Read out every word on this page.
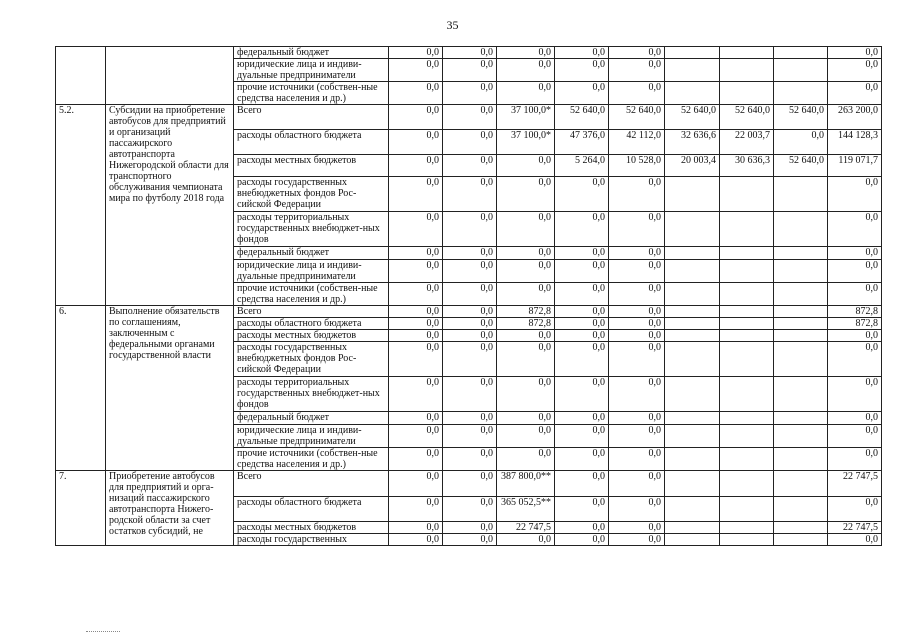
35
		федеральный бюджет	0,0	0,0	0,0	0,0	0,0				0,0
		юридические лица и индиви-дуальные предприниматели	0,0	0,0	0,0	0,0	0,0				0,0
		прочие источники (собствен-ные средства населения и др.)	0,0	0,0	0,0	0,0	0,0				0,0
5.2.	Субсидии на приобретение автобусов для предприятий и организаций пассажирского автотранспорта Нижегородской области для транспортного обслуживания чемпионата мира по футболу 2018 года	Всего	0,0	0,0	37 100,0*	52 640,0	52 640,0	52 640,0	52 640,0	52 640,0	263 200,0
		расходы областного бюджета	0,0	0,0	37 100,0*	47 376,0	42 112,0	32 636,6	22 003,7	0,0	144 128,3
		расходы местных бюджетов	0,0	0,0	0,0	5 264,0	10 528,0	20 003,4	30 636,3	52 640,0	119 071,7
		расходы государственных внебюджетных фондов Рос-сийской Федерации	0,0	0,0	0,0	0,0	0,0				0,0
		расходы территориальных государственных внебюджет-ных фондов	0,0	0,0	0,0	0,0	0,0				0,0
		федеральный бюджет	0,0	0,0	0,0	0,0	0,0				0,0
		юридические лица и индиви-дуальные предприниматели	0,0	0,0	0,0	0,0	0,0				0,0
		прочие источники (собствен-ные средства населения и др.)	0,0	0,0	0,0	0,0	0,0				0,0
6.	Выполнение обязательств по соглашениям, заключенным с федеральными органами государственной власти	Всего	0,0	0,0	872,8	0,0	0,0				872,8
		расходы областного бюджета	0,0	0,0	872,8	0,0	0,0				872,8
		расходы местных бюджетов	0,0	0,0	0,0	0,0	0,0				0,0
		расходы государственных внебюджетных фондов Рос-сийской Федерации	0,0	0,0	0,0	0,0	0,0				0,0
		расходы территориальных государственных внебюджет-ных фондов	0,0	0,0	0,0	0,0	0,0				0,0
		федеральный бюджет	0,0	0,0	0,0	0,0	0,0				0,0
		юридические лица и индиви-дуальные предприниматели	0,0	0,0	0,0	0,0	0,0				0,0
		прочие источники (собствен-ные средства населения и др.)	0,0	0,0	0,0	0,0	0,0				0,0
7.	Приобретение автобусов для предприятий и орга-низаций пассажирского автотранспорта Нижего-родской области за счет остатков субсидий, не	Всего	0,0	0,0	387 800,0**	0,0	0,0				22 747,5
		расходы областного бюджета	0,0	0,0	365 052,5**	0,0	0,0				0,0
		расходы местных бюджетов	0,0	0,0	22 747,5	0,0	0,0				22 747,5
		расходы государственных	0,0	0,0	0,0	0,0	0,0				0,0
